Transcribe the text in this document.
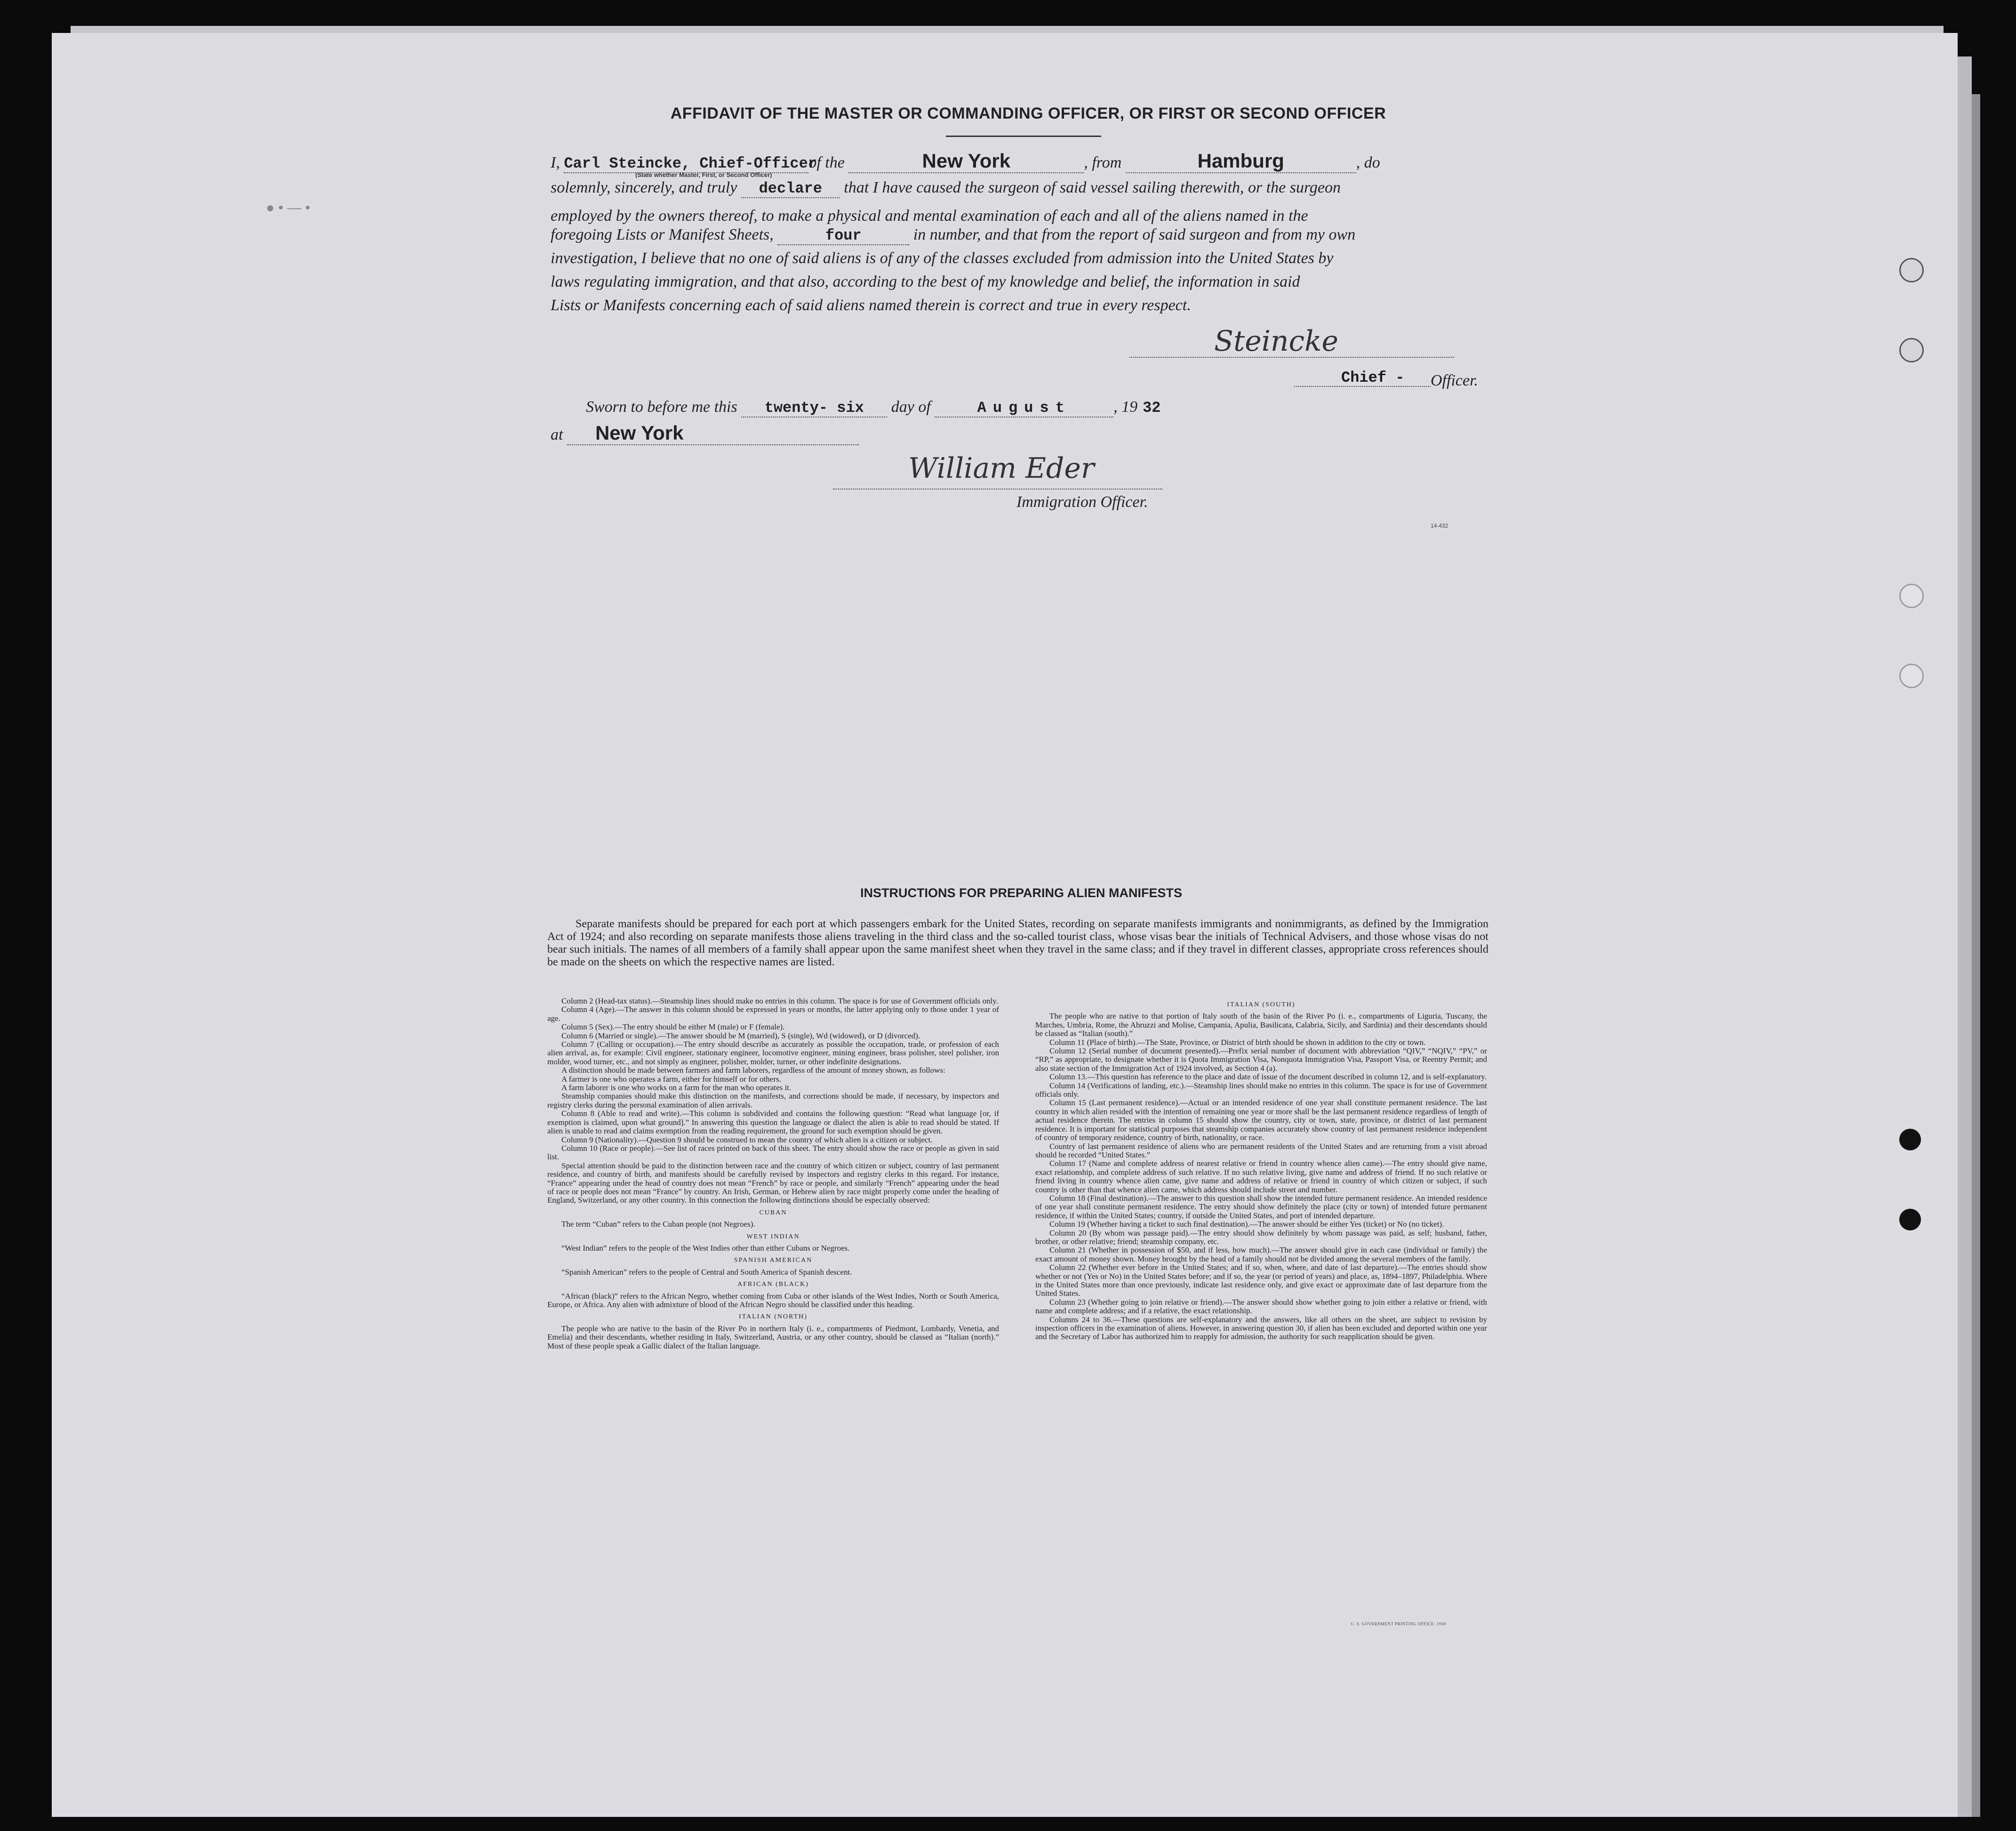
● • — •
AFFIDAVIT OF THE MASTER OR COMMANDING OFFICER, OR FIRST OR SECOND OFFICER
I, Carl Steincke, Chief-Officerof the	New York	, from	Hamburg	, do
(State whether Master, First, or Second Officer)
solemnly, sincerely, and truly declare that I have caused the surgeon of said vessel sailing therewith, or the surgeon
employed by the owners thereof, to make a physical and mental examination of each and all of the aliens named in the
foregoing Lists or Manifest Sheets,	four	in number, and that from the report of said surgeon and from my own
investigation, I believe that no one of said aliens is of any of the classes excluded from admission into the United States by
laws regulating immigration, and that also, according to the best of my knowledge and belief, the information in said
Lists or Manifests concerning each of said aliens named therein is correct and true in every respect.
Steincke
Chief - Officer.
Sworn to before me this twenty- six day of	August	, 19 32
at New York
William Eder
Immigration Officer.
14-432
INSTRUCTIONS FOR PREPARING ALIEN MANIFESTS
Separate manifests should be prepared for each port at which passengers embark for the United States, recording on separate manifests immigrants and nonimmigrants, as defined by the Immigration Act of 1924; and also recording on separate manifests those aliens traveling in the third class and the so-called tourist class, whose visas bear the initials of Technical Advisers, and those whose visas do not bear such initials. The names of all members of a family shall appear upon the same manifest sheet when they travel in the same class; and if they travel in different classes, appropriate cross references should be made on the sheets on which the respective names are listed.

Column 2 (Head-tax status).—Steamship lines should make no entries in this column. The space is for use of Government officials only.

Column 4 (Age).—The answer in this column should be expressed in years or months, the latter applying only to those under 1 year of age.

Column 5 (Sex).—The entry should be either M (male) or F (female).

Column 6 (Married or single).—The answer should be M (married), S (single), Wd (widowed), or D (divorced).

Column 7 (Calling or occupation).—The entry should describe as accurately as possible the occupation, trade, or profession of each alien arrival, as, for example: Civil engineer, stationary engineer, locomotive engineer, mining engineer, brass polisher, steel polisher, iron molder, wood turner, etc., and not simply as engineer, polisher, molder, turner, or other indefinite designations.

A distinction should be made between farmers and farm laborers, regardless of the amount of money shown, as follows:

A farmer is one who operates a farm, either for himself or for others.

A farm laborer is one who works on a farm for the man who operates it.

Steamship companies should make this distinction on the manifests, and corrections should be made, if necessary, by inspectors and registry clerks during the personal examination of alien arrivals.

Column 8 (Able to read and write).—This column is subdivided and contains the following question: “Read what language [or, if exemption is claimed, upon what ground].” In answering this question the language or dialect the alien is able to read should be stated. If alien is unable to read and claims exemption from the reading requirement, the ground for such exemption should be given.

Column 9 (Nationality).—Question 9 should be construed to mean the country of which alien is a citizen or subject.

Column 10 (Race or people).—See list of races printed on back of this sheet. The entry should show the race or people as given in said list.

Special attention should be paid to the distinction between race and the country of which citizen or subject, country of last permanent residence, and country of birth, and manifests should be carefully revised by inspectors and registry clerks in this regard. For instance, “France” appearing under the head of country does not mean “French” by race or people, and similarly “French” appearing under the head of race or people does not mean “France” by country. An Irish, German, or Hebrew alien by race might properly come under the heading of England, Switzerland, or any other country. In this connection the following distinctions should be especially observed:

CUBAN

The term “Cuban” refers to the Cuban people (not Negroes).

WEST INDIAN

“West Indian” refers to the people of the West Indies other than either Cubans or Negroes.

SPANISH AMERICAN

“Spanish American” refers to the people of Central and South America of Spanish descent.

AFRICAN (BLACK)

“African (black)” refers to the African Negro, whether coming from Cuba or other islands of the West Indies, North or South America, Europe, or Africa. Any alien with admixture of blood of the African Negro should be classified under this heading.

ITALIAN (NORTH)

The people who are native to the basin of the River Po in northern Italy (i. e., compartments of Piedmont, Lombardy, Venetia, and Emelia) and their descendants, whether residing in Italy, Switzerland, Austria, or any other country, should be classed as “Italian (north).” Most of these people speak a Gallic dialect of the Italian language.

ITALIAN (SOUTH)

The people who are native to that portion of Italy south of the basin of the River Po (i. e., compartments of Liguria, Tuscany, the Marches, Umbria, Rome, the Abruzzi and Molise, Campania, Apulia, Basilicata, Calabria, Sicily, and Sardinia) and their descendants should be classed as “Italian (south).”

Column 11 (Place of birth).—The State, Province, or District of birth should be shown in addition to the city or town.

Column 12 (Serial number of document presented).—Prefix serial number of document with abbreviation “QIV,” “NQIV,” “PV,” or “RP,” as appropriate, to designate whether it is Quota Immigration Visa, Nonquota Immigration Visa, Passport Visa, or Reentry Permit; and also state section of the Immigration Act of 1924 involved, as Section 4 (a).

Column 13.—This question has reference to the place and date of issue of the document described in column 12, and is self-explanatory.

Column 14 (Verifications of landing, etc.).—Steamship lines should make no entries in this column. The space is for use of Government officials only.

Column 15 (Last permanent residence).—Actual or an intended residence of one year shall constitute permanent residence. The last country in which alien resided with the intention of remaining one year or more shall be the last permanent residence regardless of length of actual residence therein. The entries in column 15 should show the country, city or town, state, province, or district of last permanent residence. It is important for statistical purposes that steamship companies accurately show country of last permanent residence independent of country of temporary residence, country of birth, nationality, or race.

Country of last permanent residence of aliens who are permanent residents of the United States and are returning from a visit abroad should be recorded “United States.”

Column 17 (Name and complete address of nearest relative or friend in country whence alien came).—The entry should give name, exact relationship, and complete address of such relative. If no such relative living, give name and address of friend. If no such relative or friend living in country whence alien came, give name and address of relative or friend in country of which citizen or subject, if such country is other than that whence alien came, which address should include street and number.

Column 18 (Final destination).—The answer to this question shall show the intended future permanent residence. An intended residence of one year shall constitute permanent residence. The entry should show definitely the place (city or town) of intended future permanent residence, if within the United States; country, if outside the United States, and port of intended departure.

Column 19 (Whether having a ticket to such final destination).—The answer should be either Yes (ticket) or No (no ticket).

Column 20 (By whom was passage paid).—The entry should show definitely by whom passage was paid, as self; husband, father, brother, or other relative; friend; steamship company, etc.

Column 21 (Whether in possession of $50, and if less, how much).—The answer should give in each case (individual or family) the exact amount of money shown. Money brought by the head of a family should not be divided among the several members of the family.

Column 22 (Whether ever before in the United States; and if so, when, where, and date of last departure).—The entries should show whether or not (Yes or No) in the United States before; and if so, the year (or period of years) and place, as, 1894–1897, Philadelphia. Where in the United States more than once previously, indicate last residence only, and give exact or approximate date of last departure from the United States.

Column 23 (Whether going to join relative or friend).—The answer should show whether going to join either a relative or friend, with name and complete address; and if a relative, the exact relationship.

Columns 24 to 36.—These questions are self-explanatory and the answers, like all others on the sheet, are subject to revision by inspection officers in the examination of aliens. However, in answering question 30, if alien has been excluded and deported within one year and the Secretary of Labor has authorized him to reapply for admission, the authority for such reapplication should be given.

U. S. GOVERNMENT PRINTING OFFICE: 1930
